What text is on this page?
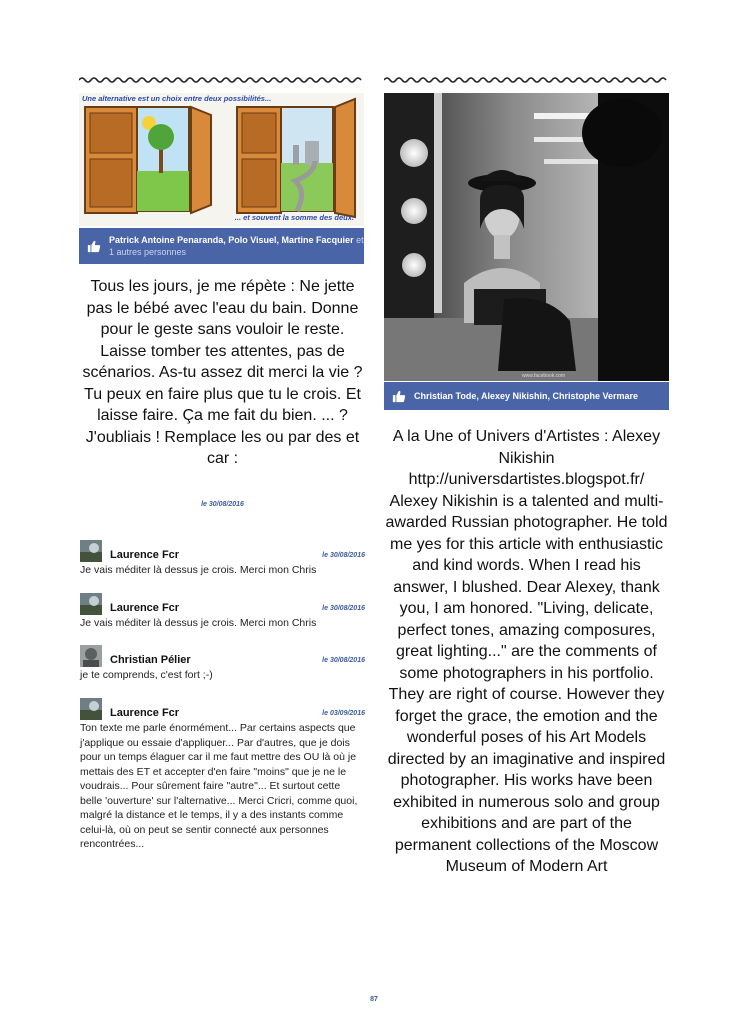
Une alternative est un choix entre deux possibilités...
... et souvent la somme des deux.
Patrick Antoine Penaranda, Polo Visuel, Martine Facquier et 1 autres personnes
Tous les jours, je me répète : Ne jette pas le bébé avec l'eau du bain. Donne pour le geste sans vouloir le reste. Laisse tomber tes attentes, pas de scénarios. As-tu assez dit merci la vie ? Tu peux en faire plus que tu le crois. Et laisse faire. Ça me fait du bien. ... ? J'oubliais ! Remplace les ou par des et car :
le 30/08/2016
Laurence Fcr	le 30/08/2016
Je vais méditer là dessus je crois. Merci mon Chris
Laurence Fcr	le 30/08/2016
Je vais méditer là dessus je crois. Merci mon Chris
Christian Pélier	le 30/08/2016
je te comprends, c'est fort ;-)
Laurence Fcr	le 03/09/2016
Ton texte me parle énormément... Par certains aspects que j'applique ou essaie d'appliquer... Par d'autres, que je dois pour un temps élaguer car il me faut mettre des OU là où je mettais des ET et accepter d'en faire "moins" que je ne le voudrais... Pour sûrement faire "autre"... Et surtout cette belle 'ouverture' sur l'alternative... Merci Cricri, comme quoi, malgré la distance et le temps, il y a des instants comme celui-là, où on peut se sentir connecté aux personnes rencontrées...
www.facebook.com
Christian Tode, Alexey Nikishin, Christophe Vermare
A la Une of Univers d'Artistes : Alexey Nikishin http://universdartistes.blogspot.fr/ Alexey Nikishin is a talented and multi-awarded Russian photographer. He told me yes for this article with enthusiastic and kind words. When I read his answer, I blushed. Dear Alexey, thank you, I am honored. "Living, delicate, perfect tones, amazing composures, great lighting..." are the comments of some photographers in his portfolio. They are right of course. However they forget the grace, the emotion and the wonderful poses of his Art Models directed by an imaginative and inspired photographer. His works have been exhibited in numerous solo and group exhibitions and are part of the permanent collections of the Moscow Museum of Modern Art
87
